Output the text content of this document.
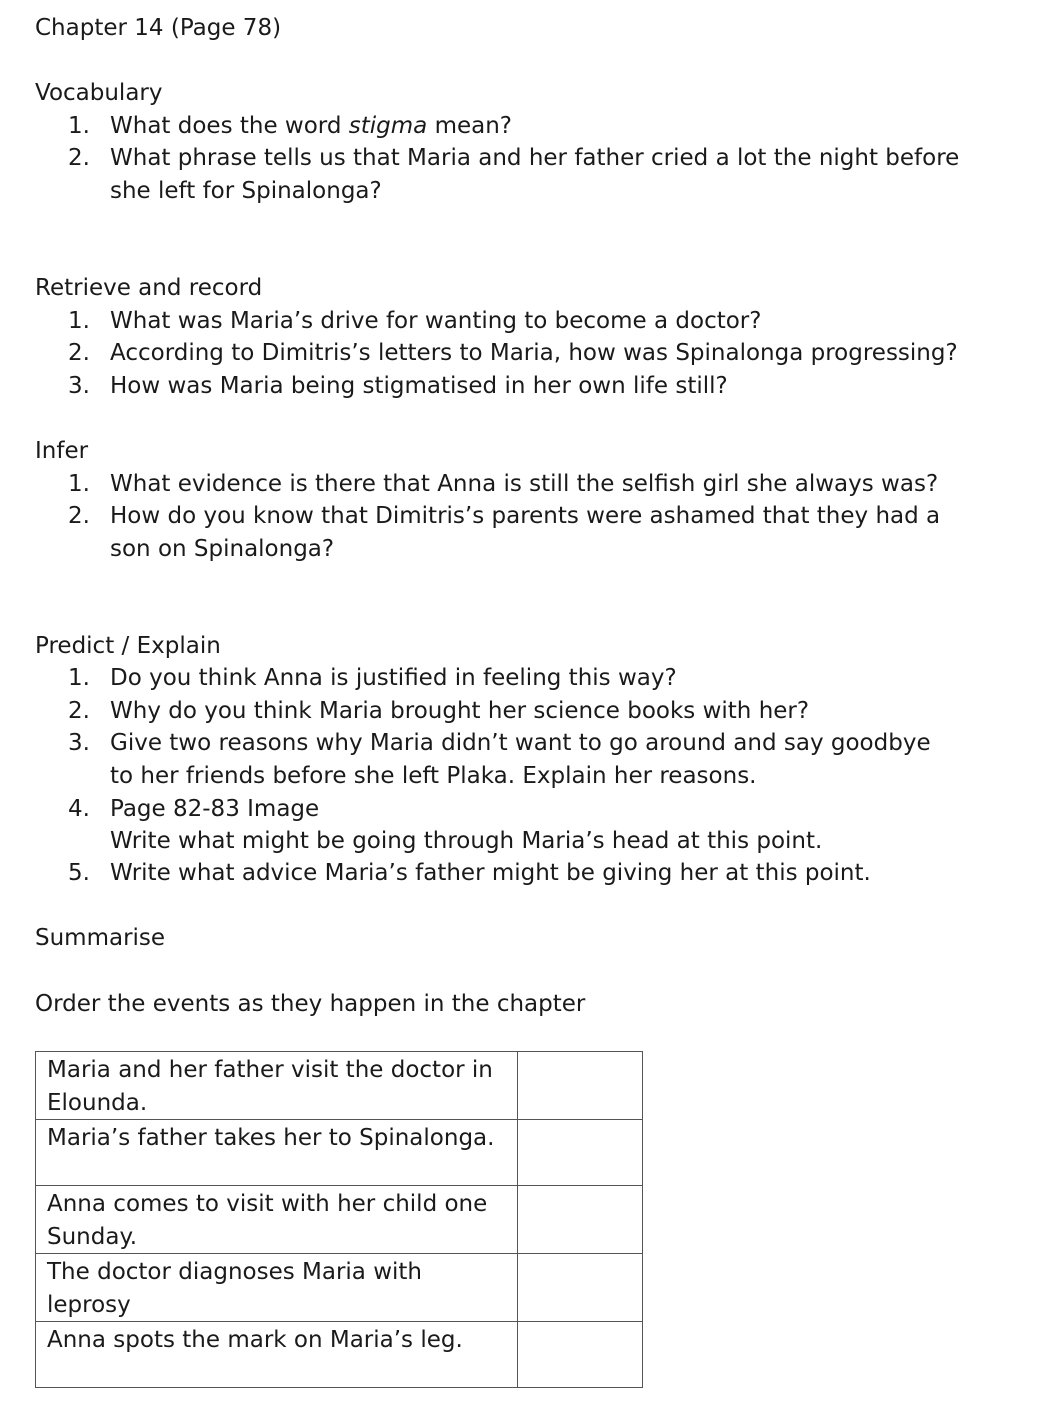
Chapter 14 (Page 78)
Vocabulary
1. What does the word stigma mean?
2. What phrase tells us that Maria and her father cried a lot the night before she left for Spinalonga?
Retrieve and record
1. What was Maria’s drive for wanting to become a doctor?
2. According to Dimitris’s letters to Maria, how was Spinalonga progressing?
3. How was Maria being stigmatised in her own life still?
Infer
1. What evidence is there that Anna is still the selfish girl she always was?
2. How do you know that Dimitris’s parents were ashamed that they had a son on Spinalonga?
Predict / Explain
1. Do you think Anna is justified in feeling this way?
2. Why do you think Maria brought her science books with her?
3. Give two reasons why Maria didn’t want to go around and say goodbye to her friends before she left Plaka. Explain her reasons.
4. Page 82-83 Image
Write what might be going through Maria’s head at this point.
5. Write what advice Maria’s father might be giving her at this point.
Summarise
Order the events as they happen in the chapter
Maria and her father visit the doctor in Elounda.	
Maria’s father takes her to Spinalonga.	
Anna comes to visit with her child one Sunday.	
The doctor diagnoses Maria with leprosy	
Anna spots the mark on Maria’s leg.	
